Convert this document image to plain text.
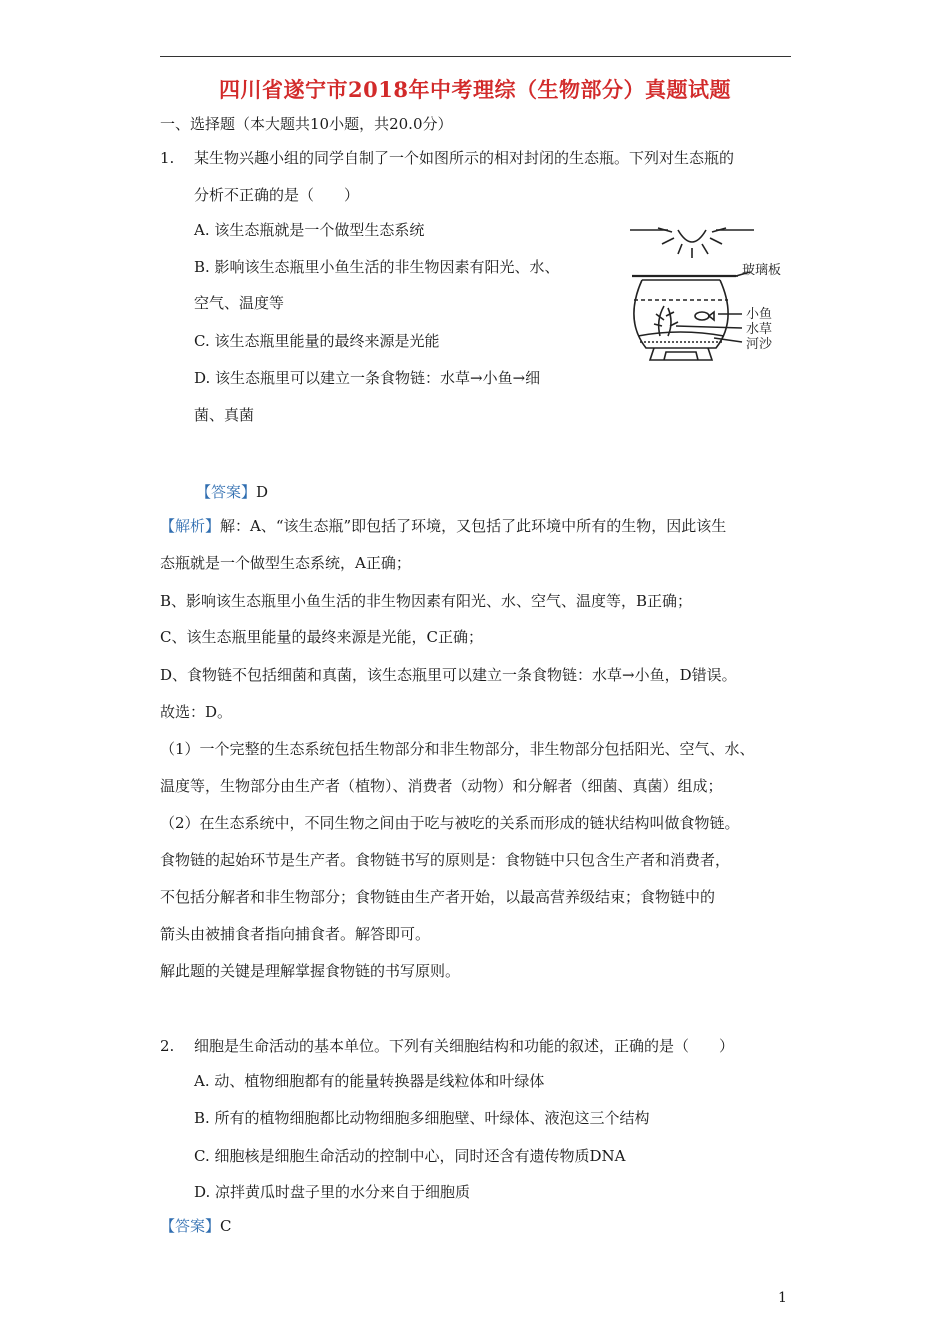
四川省遂宁市2018年中考理综（生物部分）真题试题
一、选择题（本大题共10小题，共20.0分）
1. 某生物兴趣小组的同学自制了一个如图所示的相对封闭的生态瓶。下列对生态瓶的
分析不正确的是（　　）
A. 该生态瓶就是一个做型生态系统
B. 影响该生态瓶里小鱼生活的非生物因素有阳光、水、
空气、温度等
C. 该生态瓶里能量的最终来源是光能
D. 该生态瓶里可以建立一条食物链：水草→小鱼→细
菌、真菌
玻璃板
小鱼
水草
河沙
【答案】D
【解析】解：A、“该生态瓶”即包括了环境，又包括了此环境中所有的生物，因此该生
态瓶就是一个做型生态系统，A正确；
B、影响该生态瓶里小鱼生活的非生物因素有阳光、水、空气、温度等，B正确；
C、该生态瓶里能量的最终来源是光能，C正确；
D、食物链不包括细菌和真菌，该生态瓶里可以建立一条食物链：水草→小鱼，D错误。
故选：D。
（1）一个完整的生态系统包括生物部分和非生物部分，非生物部分包括阳光、空气、水、
温度等，生物部分由生产者（植物）、消费者（动物）和分解者（细菌、真菌）组成；
（2）在生态系统中，不同生物之间由于吃与被吃的关系而形成的链状结构叫做食物链。
食物链的起始环节是生产者。食物链书写的原则是：食物链中只包含生产者和消费者，
不包括分解者和非生物部分；食物链由生产者开始，以最高营养级结束；食物链中的
箭头由被捕食者指向捕食者。解答即可。
解此题的关键是理解掌握食物链的书写原则。
2. 细胞是生命活动的基本单位。下列有关细胞结构和功能的叙述，正确的是（　　）
A. 动、植物细胞都有的能量转换器是线粒体和叶绿体
B. 所有的植物细胞都比动物细胞多细胞壁、叶绿体、液泡这三个结构
C. 细胞核是细胞生命活动的控制中心，同时还含有遗传物质DNA
D. 凉拌黄瓜时盘子里的水分来自于细胞质
【答案】C
1
